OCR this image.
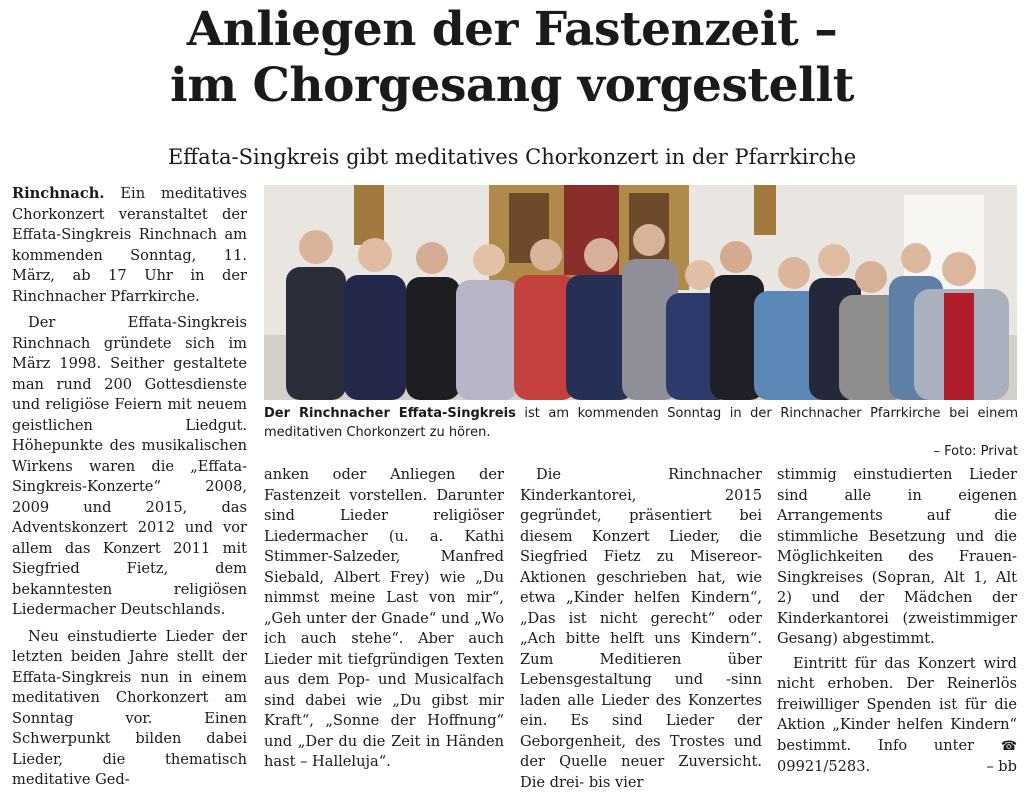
Anliegen der Fastenzeit –
im Chorgesang vorgestellt
Effata-Singkreis gibt meditatives Chorkonzert in der Pfarrkirche

Rinchnach. Ein meditatives Chorkonzert veranstaltet der Effata-Singkreis Rinchnach am kommenden Sonntag, 11. März, ab 17 Uhr in der Rinchnacher Pfarrkirche.

Der Effata-Singkreis Rinchnach gründete sich im März 1998. Seither gestaltete man rund 200 Gottesdienste und religiöse Feiern mit neuem geistlichen Liedgut. Höhepunkte des musikalischen Wirkens waren die „Effata-Singkreis-Konzerte“ 2008, 2009 und 2015, das Adventskonzert 2012 und vor allem das Konzert 2011 mit Siegfried Fietz, dem bekanntesten religiösen Liedermacher Deutschlands.

Neu einstudierte Lieder der letzten beiden Jahre stellt der Effata-Singkreis nun in einem meditativen Chorkonzert am Sonntag vor. Einen Schwerpunkt bilden dabei Lieder, die thematisch meditative Ged-

Der Rinchnacher Effata-Singkreis ist am kommenden Sonntag in der Rinchnacher Pfarrkirche bei einem meditativen Chorkonzert zu hören.
– Foto: Privat

anken oder Anliegen der Fastenzeit vorstellen. Darunter sind Lieder religiöser Liedermacher (u. a. Kathi Stimmer-Salzeder, Manfred Siebald, Albert Frey) wie „Du nimmst meine Last von mir“, „Geh unter der Gnade“ und „Wo ich auch stehe“. Aber auch Lieder mit tiefgründigen Texten aus dem Pop- und Musicalfach sind dabei wie „Du gibst mir Kraft“, „Sonne der Hoffnung“ und „Der du die Zeit in Händen hast – Halleluja“.

Die Rinchnacher Kinderkantorei, 2015 gegründet, präsentiert bei diesem Konzert Lieder, die Siegfried Fietz zu Misereor-Aktionen geschrieben hat, wie etwa „Kinder helfen Kindern“, „Das ist nicht gerecht“ oder „Ach bitte helft uns Kindern“. Zum Meditieren über Lebensgestaltung und -sinn laden alle Lieder des Konzertes ein. Es sind Lieder der Geborgenheit, des Trostes und der Quelle neuer Zuversicht. Die drei- bis vier

stimmig einstudierten Lieder sind alle in eigenen Arrangements auf die stimmliche Besetzung und die Möglichkeiten des Frauen-Singkreises (Sopran, Alt 1, Alt 2) und der Mädchen der Kinderkantorei (zweistimmiger Gesang) abgestimmt.

Eintritt für das Konzert wird nicht erhoben. Der Reinerlös freiwilliger Spenden ist für die Aktion „Kinder helfen Kindern“ bestimmt. Info unter ☎ 09921/5283.	– bb
